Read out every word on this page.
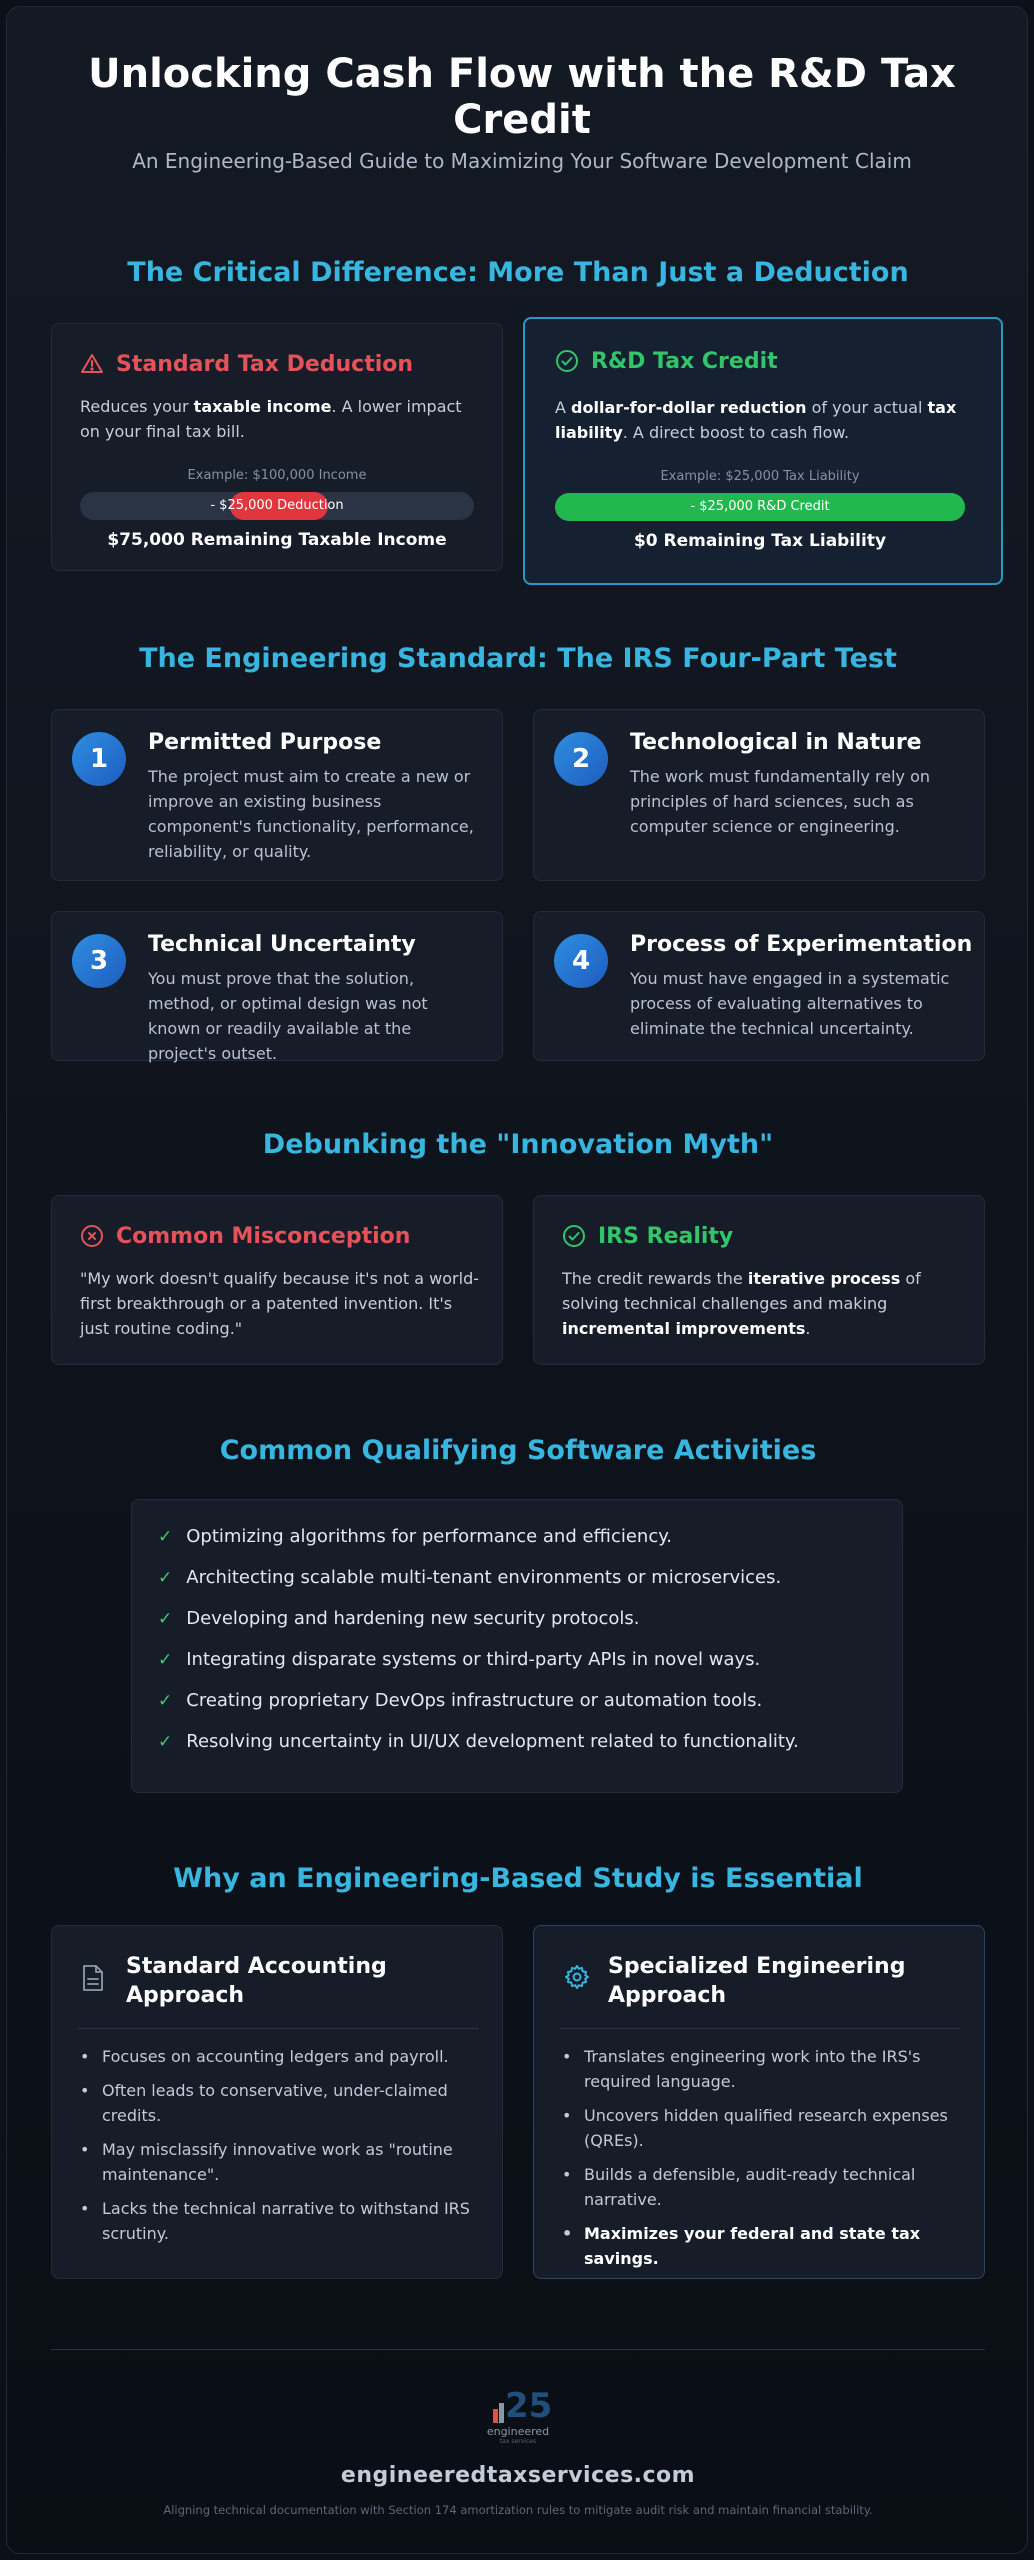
Unlocking Cash Flow with the R&D Tax Credit
An Engineering-Based Guide to Maximizing Your Software Development Claim
The Critical Difference: More Than Just a Deduction
Standard Tax Deduction
Reduces your taxable income. A lower impact on your final tax bill.
Example: $100,000 Income
- $25,000 Deduction
$75,000 Remaining Taxable Income
R&D Tax Credit
A dollar-for-dollar reduction of your actual tax liability. A direct boost to cash flow.
Example: $25,000 Tax Liability
- $25,000 R&D Credit
$0 Remaining Tax Liability
The Engineering Standard: The IRS Four-Part Test
1
Permitted Purpose
The project must aim to create a new or improve an existing business component's functionality, performance, reliability, or quality.
2
Technological in Nature
The work must fundamentally rely on principles of hard sciences, such as computer science or engineering.
3
Technical Uncertainty
You must prove that the solution, method, or optimal design was not known or readily available at the project's outset.
4
Process of Experimentation
You must have engaged in a systematic process of evaluating alternatives to eliminate the technical uncertainty.
Debunking the "Innovation Myth"
Common Misconception
"My work doesn't qualify because it's not a world-first breakthrough or a patented invention. It's just routine coding."
IRS Reality
The credit rewards the iterative process of solving technical challenges and making incremental improvements.
Common Qualifying Software Activities
✓ Optimizing algorithms for performance and efficiency.
✓ Architecting scalable multi-tenant environments or microservices.
✓ Developing and hardening new security protocols.
✓ Integrating disparate systems or third-party APIs in novel ways.
✓ Creating proprietary DevOps infrastructure or automation tools.
✓ Resolving uncertainty in UI/UX development related to functionality.
Why an Engineering-Based Study is Essential
Standard Accounting Approach
• Focuses on accounting ledgers and payroll.
• Often leads to conservative, under-claimed credits.
• May misclassify innovative work as "routine maintenance".
• Lacks the technical narrative to withstand IRS scrutiny.
Specialized Engineering Approach
• Translates engineering work into the IRS's required language.
• Uncovers hidden qualified research expenses (QREs).
• Builds a defensible, audit-ready technical narrative.
• Maximizes your federal and state tax savings.
25
engineered
tax services
engineeredtaxservices.com
Aligning technical documentation with Section 174 amortization rules to mitigate audit risk and maintain financial stability.
